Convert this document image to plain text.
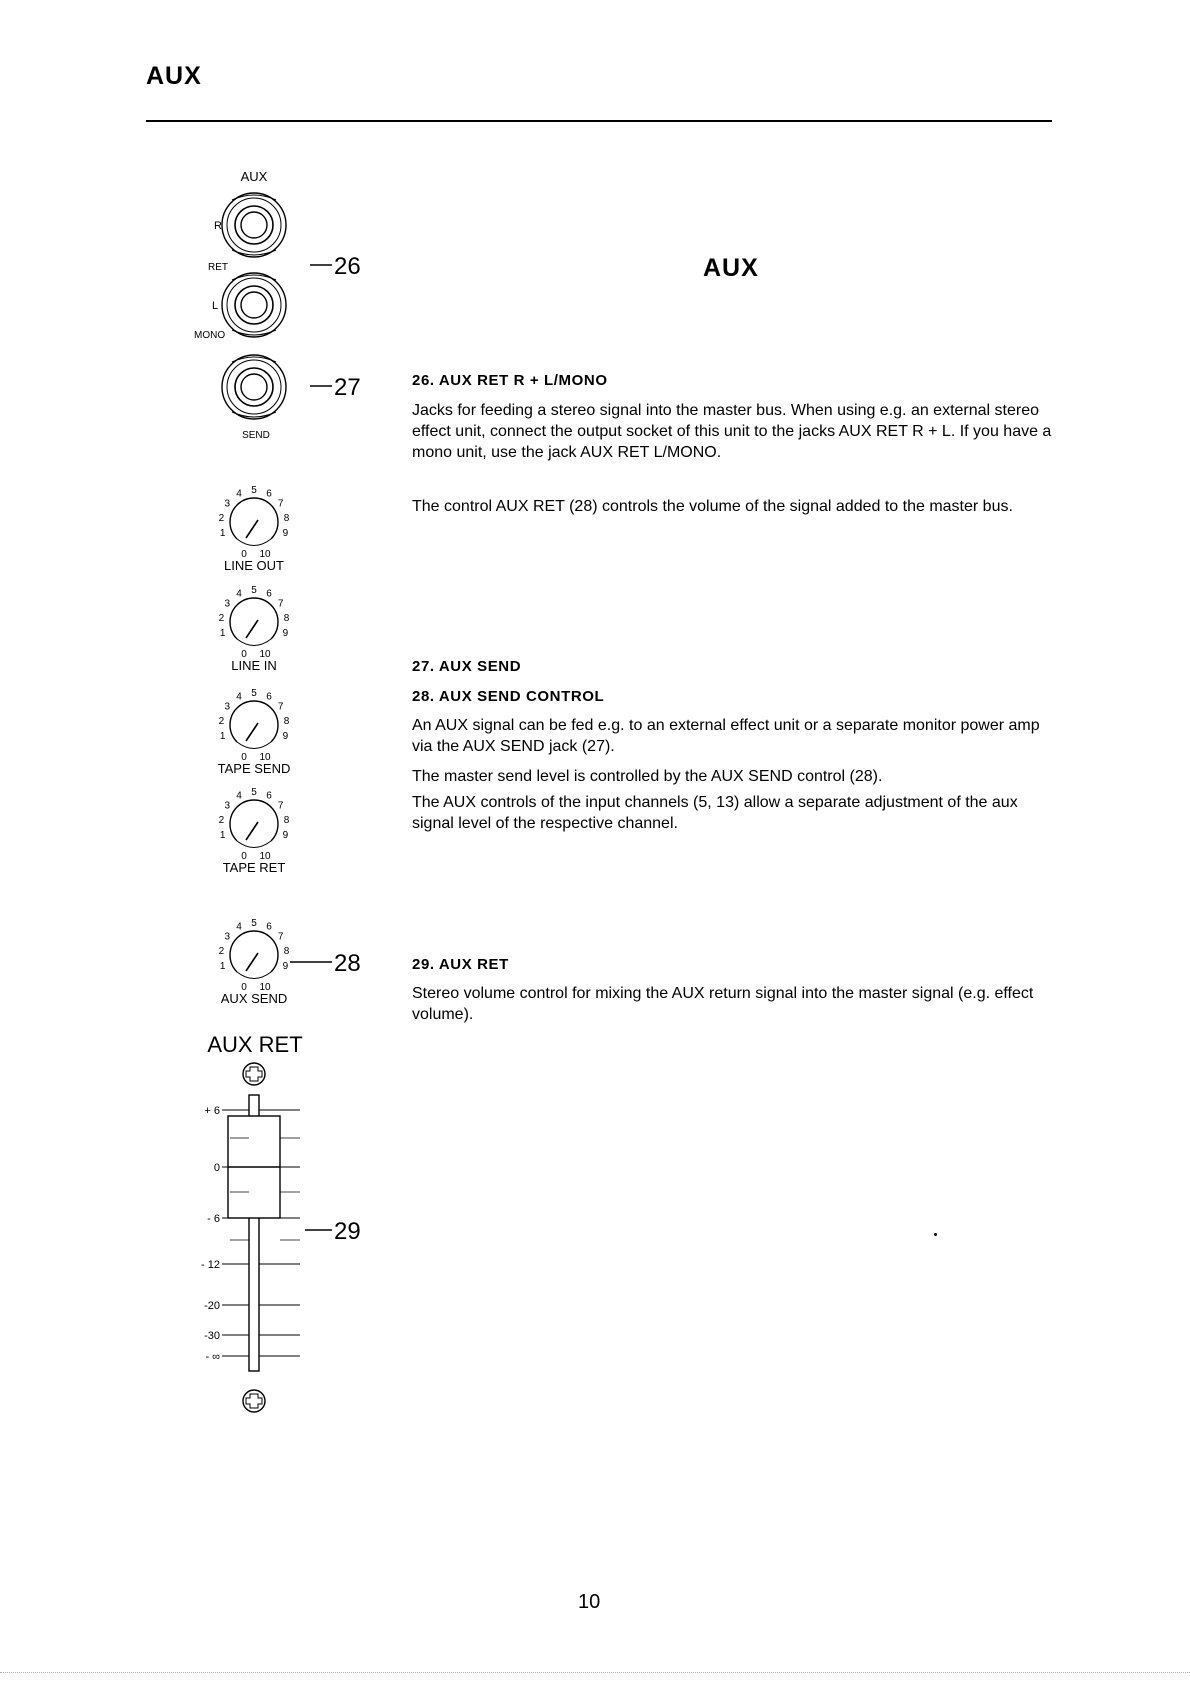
AUX
AUX
R
RET
L
MONO
SEND
26
27
28
29
0
1
2
3
4 5 6
7
8
9
10
LINE OUT
0
1
2
3
4 5 6
7
8
9
10
LINE IN
0
1
2
3
4 5 6
7
8
9
10
TAPE SEND
0
1
2
3
4 5 6
7
8
9
10
TAPE RET
0
1
2
3
4 5 6
7
8
9
10
AUX SEND
AUX RET
+ 6
0
- 6
- 12
-20
-30
- ∞
AUX
26. AUX RET R + L/MONO
Jacks for feeding a stereo signal into the master bus. When using e.g. an external stereo effect unit, connect the output socket of this unit to the jacks AUX RET R + L. If you have a mono unit, use the jack AUX RET L/MONO.
The control AUX RET (28) controls the volume of the signal added to the master bus.
27. AUX SEND
28. AUX SEND CONTROL
An AUX signal can be fed e.g. to an external effect unit or a separate monitor power amp via the AUX SEND jack (27).
The master send level is controlled by the AUX SEND control (28).
The AUX controls of the input channels (5, 13) allow a separate adjustment of the aux signal level of the respective channel.
29. AUX RET
Stereo volume control for mixing the AUX return signal into the master signal (e.g. effect volume).
10
